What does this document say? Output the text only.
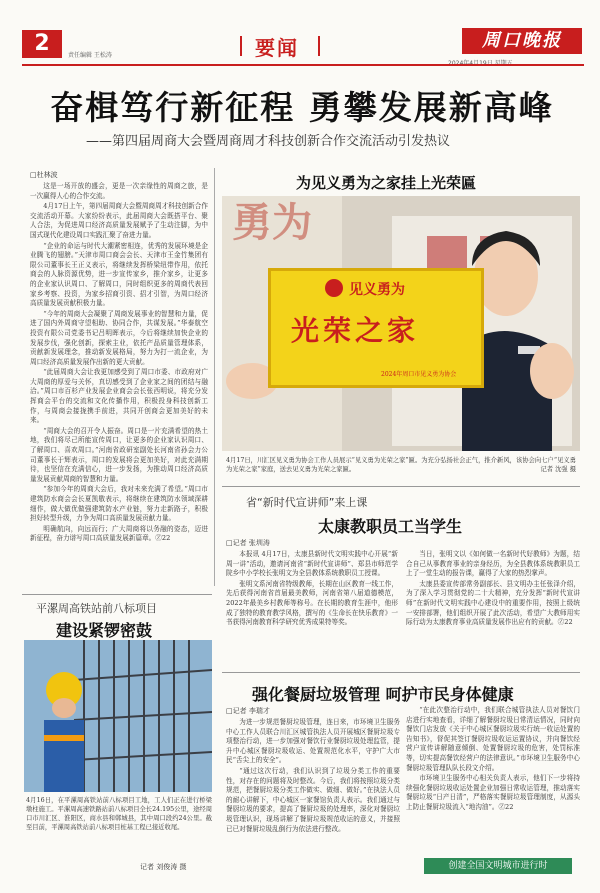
2	责任编辑 王松涛	要闻	周口晚报
奋楫笃行新征程 勇攀发展新高峰
——第四届周商大会暨周商周才科技创新合作交流活动引发热议
□杜林波

这是一场开放的盛会，更是一次亲缘性的周商之旅，是一次赢得人心的合作交流。

4月17日上午，第四届周商大会暨周商周才科技创新合作交流活动开幕。大家纷纷表示，此届周商大会既搭平台、聚人合法，为促进周口经济高质量发展赋予了生动注脚，为中国式现代化建设周口实践汇聚了奋进力量。

“企业的命运与时代大潮紧密相连，优秀的发展环境是企业腾飞的翅膀。”天津市周口商会会长、天津市王金竹集团有限公司董事长王正义表示，将继续发挥桥梁纽带作用，依托商会的人脉资源优势，进一步宣传家乡，推介家乡，让更多的企业家认识周口、了解周口，同时组织更多的周商代表回家乡考察、投资，为家乡招商引资、招才引智，为周口经济高质量发展贡献积极力量。

“今年的周商大会凝聚了周商发展事业的智慧和力量，促进了国内外周商守望相助、协同合作，共谋发展。”华泰航空投资有限公司党委书记吕明晖表示，今后将继续加快企业的发展步伐，强化创新，探索主业，依托产品质量管理体系，贡献新发展理念，推动新发展格局，努力为打一流企业，为周口经济高质量发展作出新的更大贡献。

“此届周商大会让我更加感受到了周口市委、市政府对广大周商的厚爱与关怀，真切感受到了企业家之间的团结与融洽。”周口市百杉产业发展企业商会会长张西明说，将充分发挥商会平台的交流和文化传播作用，积极投身科技创新工作，与周商会接拢携手前进，共同开创商会更加美好的未来。

“周商大会的召开令人振奋。周口是一片充满希望的热土地，我们将尽己所能宣传周口，让更多的企业家认识周口、了解周口、喜欢周口。”河南省政研室副处长河南省孙会力公司董事长于辉表示，周口的发展将会更加美好，对此充满期待，也坚信在充满信心，进一步发扬，为推动周口经济高质量发展贡献周商的智慧和力量。

“参加今年的周商大会后，我对未来充满了希望。”周口市建筑防水商会会长夏凯敬表示，将继续在建筑防水领域深耕细作，做大做优做强建筑防水产业链，努力走新路子，积极担好转型升级，力争为周口高质量发展贡献力量。

明确航向，向远而行；广大周商将以务融的姿态，迈进新征程，奋力谱写周口高质量发展新篇章。Ⓩ22

为见义勇为之家挂上光荣匾
勇为
见义勇为
光荣之家
2024年周口市见义勇为协会
4月17日，川汇区见义勇为协会工作人员展示“见义勇为光荣之家”匾。为充分弘扬社会正气，推介新风，该协会向七户“见义勇为光荣之家”家庭，送去见义勇为光荣之家匾。	记者 沈强 摄
省“新时代宣讲师”来上课
太康教职员工当学生
□记者 张圳涛

本报讯 4月17日，太康县新时代文明实践中心开展“新周一讲”活动，邀请河南省“新时代宣讲师”、郑县市师范学院乡中小学校长张明文为全县教体系统教职员工授课。

张明文系河南省特级教师，长期在山区教育一线工作，先后获得河南省首届最美教师，河南省第八届道德模范，2022年最美乡村教师等称号。在长期的教育生涯中，他形成了独特的教育教学风格，撰写的《生命长在快乐教育》一书获得河南教育科学研究优秀成果特等奖。

当日，张明文以《如何做一名新时代好教师》为题，结合自己从事教育事业的亲身经历，为全县教体系统教职员工上了一堂生动的报告课，赢得了大家的热烈掌声。

太康县委宣传部常务副部长、县文明办主任张泽介绍，为了深入学习贯彻党的二十大精神，充分发挥“新时代宣讲师”在新时代文明实践中心建设中的重要作用，按照上级统一安排部署，他们组织开展了此次活动，希望广大教师用实际行动为太康教育事业高质量发展作出应有的贡献。Ⓩ22

平漯周高铁站前八标项目
建设紧锣密鼓
4月16日，在平漯周高铁站前八标项目工地，工人们正在进行桥梁墩柱施工。平漯周高速铁路站前八标项目全长24.195公里，途经周口市川汇区、淮阳区，商水县和郸城县，其中周口段约24公里。截至目前，平漯周高铁站前八标项目桩基工程已接近收尾。
记者 刘俊涛 摄
强化餐厨垃圾管理 呵护市民身体健康
□记者 李瑞才

为进一步规范餐厨垃圾管理，连日来，市环境卫生服务中心工作人员联合川汇区城管执法人员开展城区餐厨垃圾专项整治行动，进一步加强对餐饮行业餐厨垃圾处理监管，提升中心城区餐厨垃圾收运、处置规范化水平，守护广大市民“舌尖上的安全”。

“通过这次行动，我们认识到了垃圾分类工作的重要性，对存在的问题将及时整改。今后，我们将按照垃圾分类规范，把餐厨垃圾分类工作做实、做细、做好。”在执法人员的耐心讲解下，中心城区一家餐馆负责人表示。我们通过与餐厨垃圾的要求，提高了餐厨垃圾的处理率，深化对餐厨垃圾管理认识，现场讲解了餐厨垃圾规范收运的意义，并接照已已对餐厨垃圾乱倒行为依法进行整改。

“在此次整治行动中，我们联合城管执法人员对餐饮门店进行实地查看，详细了解餐厨垃圾日常清运情况，同时向餐饮门店发放《关于中心城区餐厨垃圾实行统一收运处置的告知书》，督促其签订餐厨垃圾收运运置协议，并向餐饮经营户宣传讲解随意倾倒、处置餐厨垃圾的危害，处罚标准等，切实提高餐饮经营户的法律意识。”市环境卫生服务中心餐厨垃圾管理队队长段文介绍。

市环境卫生服务中心相关负责人表示，他们下一步将持续强化餐厨垃圾收运处置企业加强日常收运管理，推动落实餐厨垃圾“日产日清”，严格落实餐厨垃圾管理制度，从源头上防止餐厨垃圾流入“地沟油”。Ⓩ22

创建全国文明城市进行时
